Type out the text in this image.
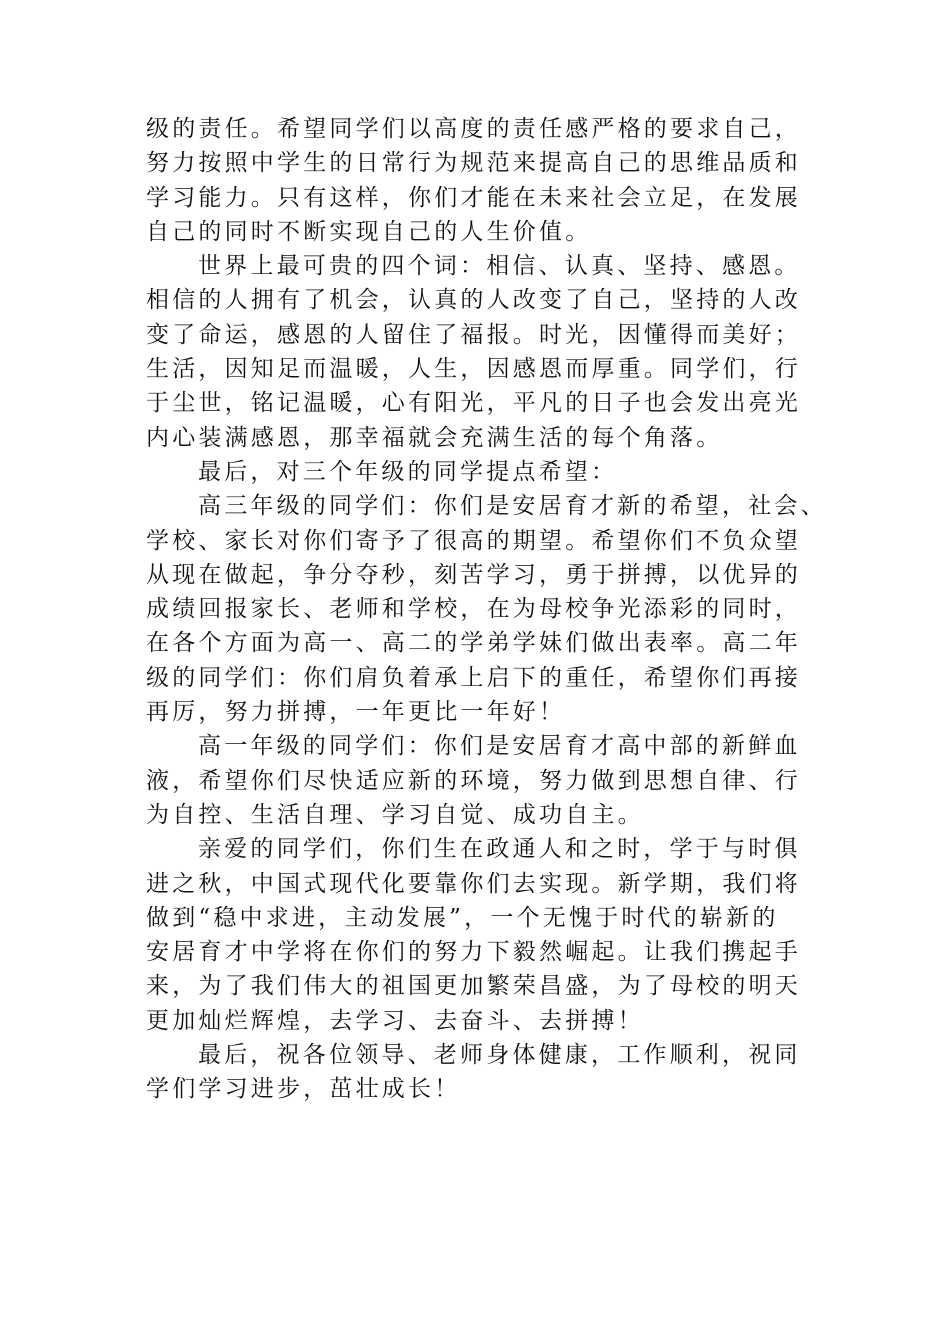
级的责任。希望同学们以高度的责任感严格的要求自己，
努力按照中学生的日常行为规范来提高自己的思维品质和
学习能力。只有这样，你们才能在未来社会立足，在发展
自己的同时不断实现自己的人生价值。
世界上最可贵的四个词：相信、认真、坚持、感恩。
相信的人拥有了机会，认真的人改变了自己，坚持的人改
变了命运，感恩的人留住了福报。时光，因懂得而美好；
生活，因知足而温暖，人生，因感恩而厚重。同学们，行
于尘世，铭记温暖，心有阳光，平凡的日子也会发出亮光
内心装满感恩，那幸福就会充满生活的每个角落。
最后，对三个年级的同学提点希望：
高三年级的同学们：你们是安居育才新的希望，社会、
学校、家长对你们寄予了很高的期望。希望你们不负众望
从现在做起，争分夺秒，刻苦学习，勇于拼搏，以优异的
成绩回报家长、老师和学校，在为母校争光添彩的同时，
在各个方面为高一、高二的学弟学妹们做出表率。高二年
级的同学们：你们肩负着承上启下的重任，希望你们再接
再厉，努力拼搏，一年更比一年好！
高一年级的同学们：你们是安居育才高中部的新鲜血
液，希望你们尽快适应新的环境，努力做到思想自律、行
为自控、生活自理、学习自觉、成功自主。
亲爱的同学们，你们生在政通人和之时，学于与时俱
进之秋，中国式现代化要靠你们去实现。新学期，我们将
做到“稳中求进，主动发展”，一个无愧于时代的崭新的
安居育才中学将在你们的努力下毅然崛起。让我们携起手
来，为了我们伟大的祖国更加繁荣昌盛，为了母校的明天
更加灿烂辉煌，去学习、去奋斗、去拼搏！
最后，祝各位领导、老师身体健康，工作顺利，祝同
学们学习进步，茁壮成长！
